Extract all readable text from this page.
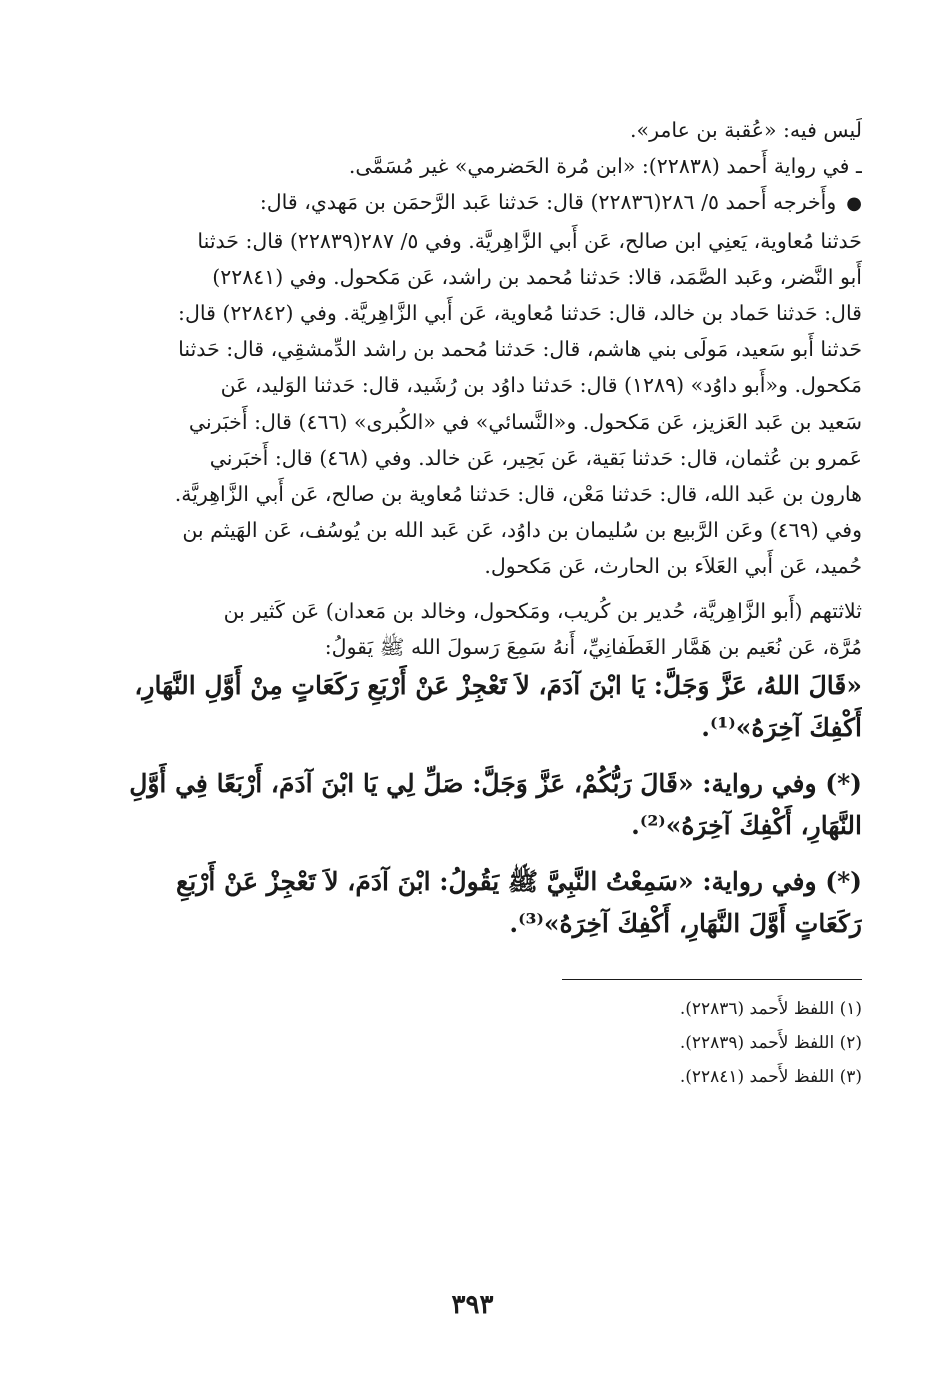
لَيس فيه: «عُقبة بن عامر».
ـ في رواية أَحمد (٢٢٨٣٨): «ابن مُرة الحَضرمي» غير مُسَمَّى.
●وأَخرجه أَحمد ٥/ ٢٨٦(٢٢٨٣٦) قال: حَدثنا عَبد الرَّحمَن بن مَهدي، قال:
حَدثنا مُعاوية، يَعنِي ابن صالح، عَن أَبي الزَّاهِريَّة. وفي ٥/ ٢٨٧(٢٢٨٣٩) قال: حَدثنا
أَبو النَّضر، وعَبد الصَّمَد، قالا: حَدثنا مُحمد بن راشد، عَن مَكحول. وفي (٢٢٨٤١)
قال: حَدثنا حَماد بن خالد، قال: حَدثنا مُعاوية، عَن أَبي الزَّاهِريَّة. وفي (٢٢٨٤٢) قال:
حَدثنا أَبو سَعيد، مَولَى بني هاشم، قال: حَدثنا مُحمد بن راشد الدِّمشقِي، قال: حَدثنا
مَكحول. و«أَبو داوُد» (١٢٨٩) قال: حَدثنا داوُد بن رُشَيد، قال: حَدثنا الوَليد، عَن
سَعيد بن عَبد العَزيز، عَن مَكحول. و«النَّسائي» في «الكُبرى» (٤٦٦) قال: أَخبَرني
عَمرو بن عُثمان، قال: حَدثنا بَقية، عَن بَحِير، عَن خالد. وفي (٤٦٨) قال: أَخبَرني
هارون بن عَبد الله، قال: حَدثنا مَعْن، قال: حَدثنا مُعاوية بن صالح، عَن أَبي الزَّاهِريَّة.
وفي (٤٦٩) وعَن الرَّبيع بن سُليمان بن داوُد، عَن عَبد الله بن يُوسُف، عَن الهَيثم بن
حُميد، عَن أَبي العَلاَء بن الحارث، عَن مَكحول.
ثلاثتهم (أَبو الزَّاهِريَّة، حُدير بن كُريب، ومَكحول، وخالد بن مَعدان) عَن كَثير بن
مُرَّة، عَن نُعَيم بن هَمَّار الغَطَفانِيِّ، أَنهُ سَمِعَ رَسولَ الله ﷺ يَقولُ:
«قَالَ اللهُ، عَزَّ وَجَلَّ: يَا ابْنَ آدَمَ، لاَ تَعْجِزْ عَنْ أَرْبَعِ رَكَعَاتٍ مِنْ أَوَّلِ النَّهَارِ،
أَكْفِكَ آخِرَهُ»⁽¹⁾.
(*) وفي رواية: «قَالَ رَبُّكُمْ، عَزَّ وَجَلَّ: صَلِّ لِي يَا ابْنَ آدَمَ، أَرْبَعًا فِي أَوَّلِ
النَّهَارِ، أَكْفِكَ آخِرَهُ»⁽²⁾.
(*) وفي رواية: «سَمِعْتُ النَّبِيَّ ﷺ يَقُولُ: ابْنَ آدَمَ، لاَ تَعْجِزْ عَنْ أَرْبَعِ
رَكَعَاتٍ أَوَّلَ النَّهَارِ، أَكْفِكَ آخِرَهُ»⁽³⁾.
(١) اللفظ لأَحمد (٢٢٨٣٦).
(٢) اللفظ لأَحمد (٢٢٨٣٩).
(٣) اللفظ لأَحمد (٢٢٨٤١).
٣٩٣
